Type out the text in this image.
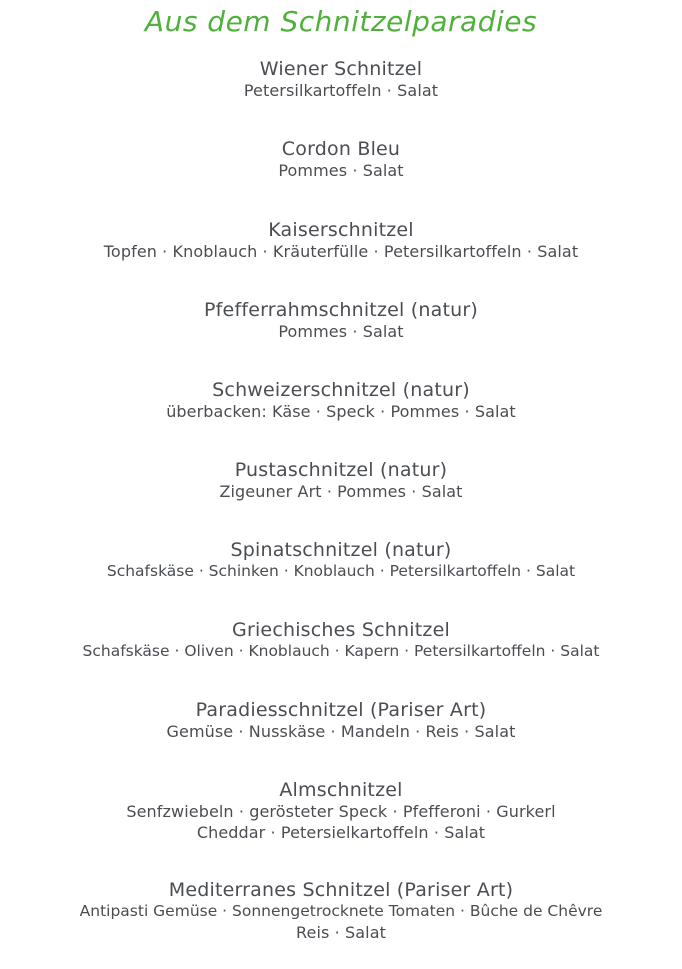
Aus dem Schnitzelparadies
Wiener Schnitzel
Petersilkartoffeln · Salat
Cordon Bleu
Pommes · Salat
Kaiserschnitzel
Topfen · Knoblauch · Kräuterfülle · Petersilkartoffeln · Salat
Pfefferrahmschnitzel (natur)
Pommes · Salat
Schweizerschnitzel (natur)
überbacken: Käse · Speck · Pommes · Salat
Pustaschnitzel (natur)
Zigeuner Art · Pommes · Salat
Spinatschnitzel (natur)
Schafskäse · Schinken · Knoblauch · Petersilkartoffeln · Salat
Griechisches Schnitzel
Schafskäse · Oliven · Knoblauch · Kapern · Petersilkartoffeln · Salat
Paradiesschnitzel (Pariser Art)
Gemüse · Nusskäse · Mandeln · Reis · Salat
Almschnitzel
Senfzwiebeln · gerösteter Speck · Pfefferoni · Gurkerl
Cheddar · Petersielkartoffeln · Salat
Mediterranes Schnitzel (Pariser Art)
Antipasti Gemüse · Sonnengetrocknete Tomaten · Bûche de Chêvre
Reis · Salat
